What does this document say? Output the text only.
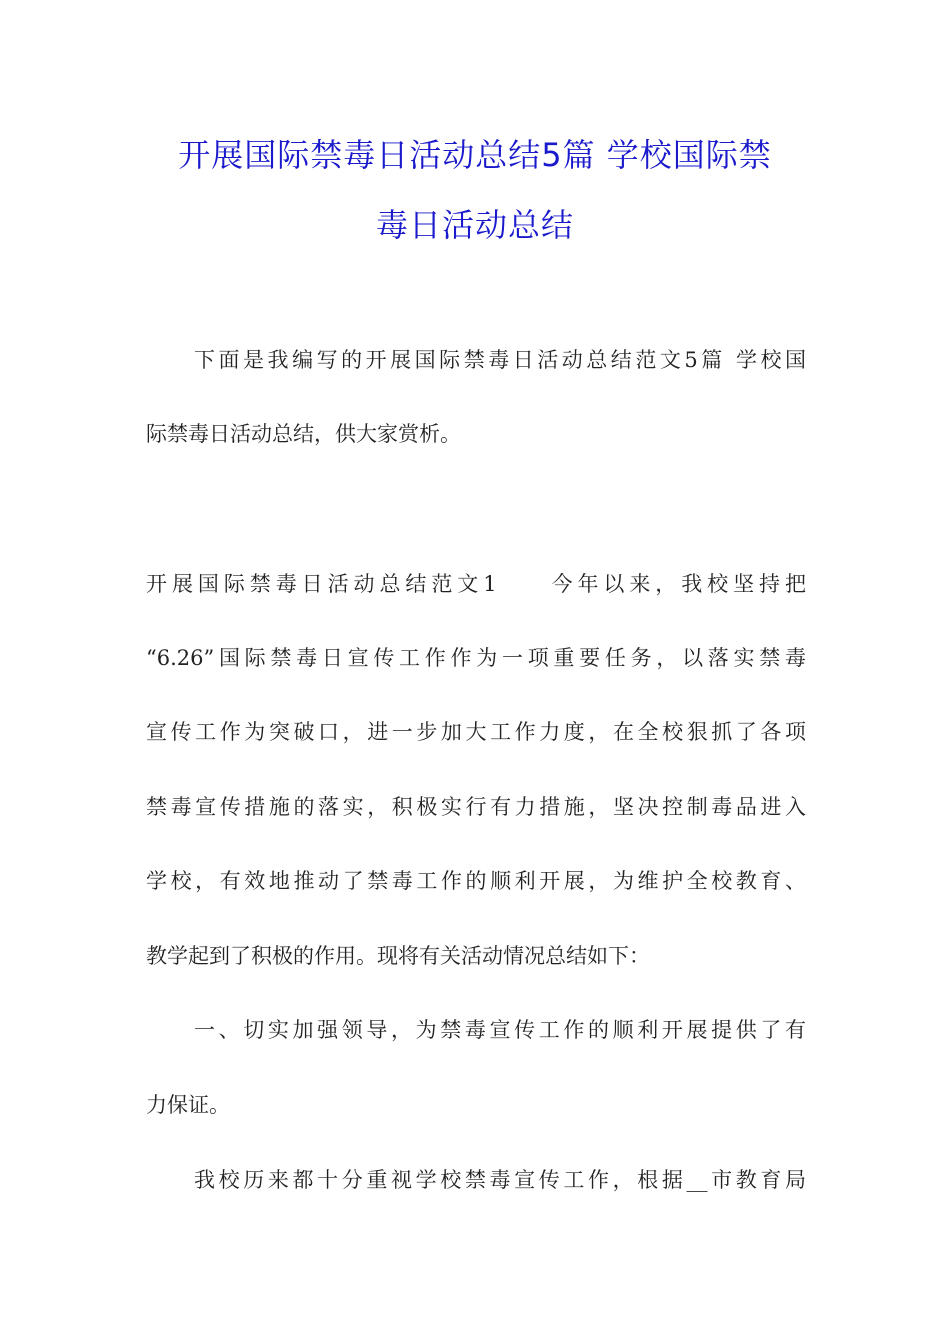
开展国际禁毒日活动总结5篇 学校国际禁
毒日活动总结
下面是我编写的开展国际禁毒日活动总结范文5篇 学校国
际禁毒日活动总结，供大家赏析。
开展国际禁毒日活动总结范文1 今年以来，我校坚持把
“6.26”国际禁毒日宣传工作作为一项重要任务，以落实禁毒
宣传工作为突破口，进一步加大工作力度，在全校狠抓了各项
禁毒宣传措施的落实，积极实行有力措施，坚决控制毒品进入
学校，有效地推动了禁毒工作的顺利开展，为维护全校教育、
教学起到了积极的作用。现将有关活动情况总结如下：
一、切实加强领导，为禁毒宣传工作的顺利开展提供了有
力保证。
我校历来都十分重视学校禁毒宣传工作，根据__市教育局
